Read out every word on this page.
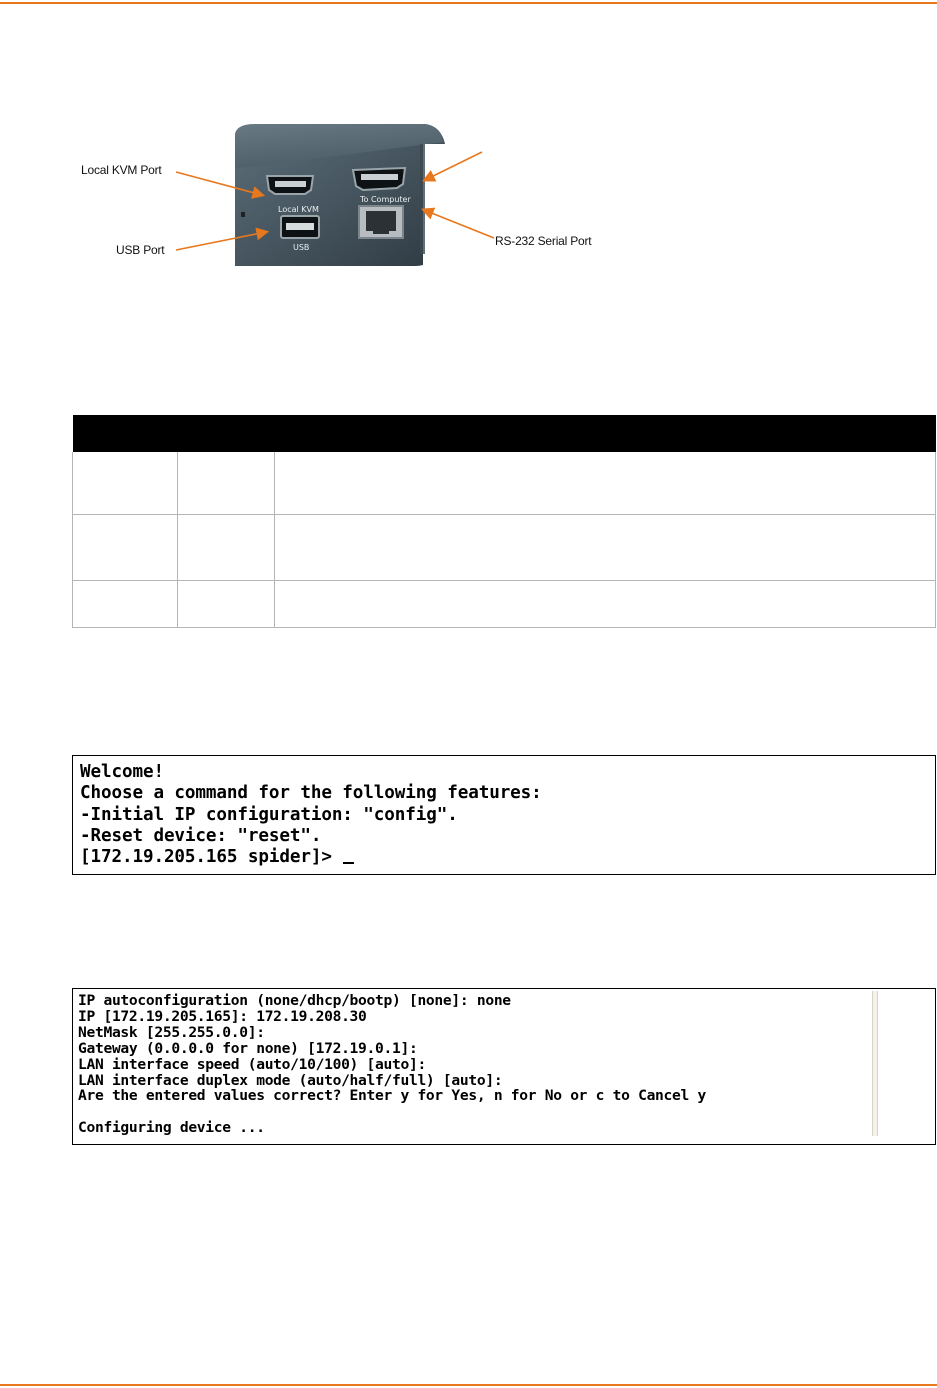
Local KVM
To Computer
USB
Local KVM Port
USB Port
RS-232 Serial Port

Welcome!
Choose a command for the following features:
-Initial IP configuration: "config".
-Reset device: "reset".
[172.19.205.165 spider]>
IP autoconfiguration (none/dhcp/bootp) [none]: none
IP [172.19.205.165]: 172.19.208.30
NetMask [255.255.0.0]:
Gateway (0.0.0.0 for none) [172.19.0.1]:
LAN interface speed (auto/10/100) [auto]:
LAN interface duplex mode (auto/half/full) [auto]:
Are the entered values correct? Enter y for Yes, n for No or c to Cancel y
Configuring device ...
